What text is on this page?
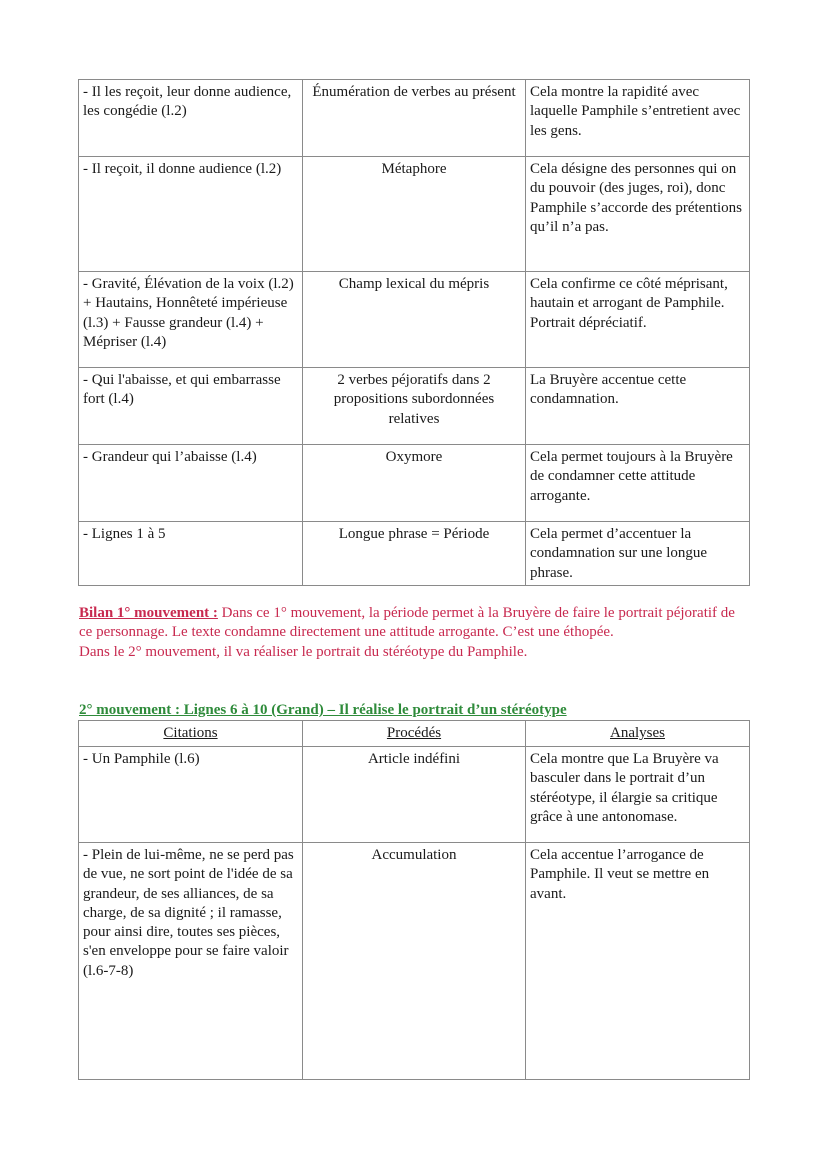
- Il les reçoit, leur donne audience, les congédie (l.2)	Énumération de verbes au présent	Cela montre la rapidité avec laquelle Pamphile s’entretient avec les gens.
- Il reçoit, il donne audience (l.2)	Métaphore	Cela désigne des personnes qui on du pouvoir (des juges, roi), donc Pamphile s’accorde des prétentions qu’il n’a pas.
- Gravité, Élévation de la voix (l.2) + Hautains, Honnêteté impérieuse (l.3) + Fausse grandeur (l.4) + Mépriser (l.4)	Champ lexical du mépris	Cela confirme ce côté méprisant, hautain et arrogant de Pamphile. Portrait dépréciatif.
- Qui l'abaisse, et qui embarrasse fort (l.4)	2 verbes péjoratifs dans 2 propositions subordonnées relatives	La Bruyère accentue cette condamnation.
- Grandeur qui l’abaisse (l.4)	Oxymore	Cela permet toujours à la Bruyère de condamner cette attitude arrogante.
- Lignes 1 à 5	Longue phrase = Période	Cela permet d’accentuer la condamnation sur une longue phrase.

Bilan 1° mouvement : Dans ce 1° mouvement, la période permet à la Bruyère de faire le portrait péjoratif de ce personnage. Le texte condamne directement une attitude arrogante. C’est une éthopée.

Dans le 2° mouvement, il va réaliser le portrait du stéréotype du Pamphile.

2° mouvement : Lignes 6 à 10 (Grand) – Il réalise le portrait d’un stéréotype

Citations	Procédés	Analyses
- Un Pamphile (l.6)	Article indéfini	Cela montre que La Bruyère va basculer dans le portrait d’un stéréotype, il élargie sa critique grâce à une antonomase.
- Plein de lui-même, ne se perd pas de vue, ne sort point de l'idée de sa grandeur, de ses alliances, de sa charge, de sa dignité ; il ramasse, pour ainsi dire, toutes ses pièces, s'en enveloppe pour se faire valoir (l.6-7-8)	Accumulation	Cela accentue l’arrogance de Pamphile. Il veut se mettre en avant.
